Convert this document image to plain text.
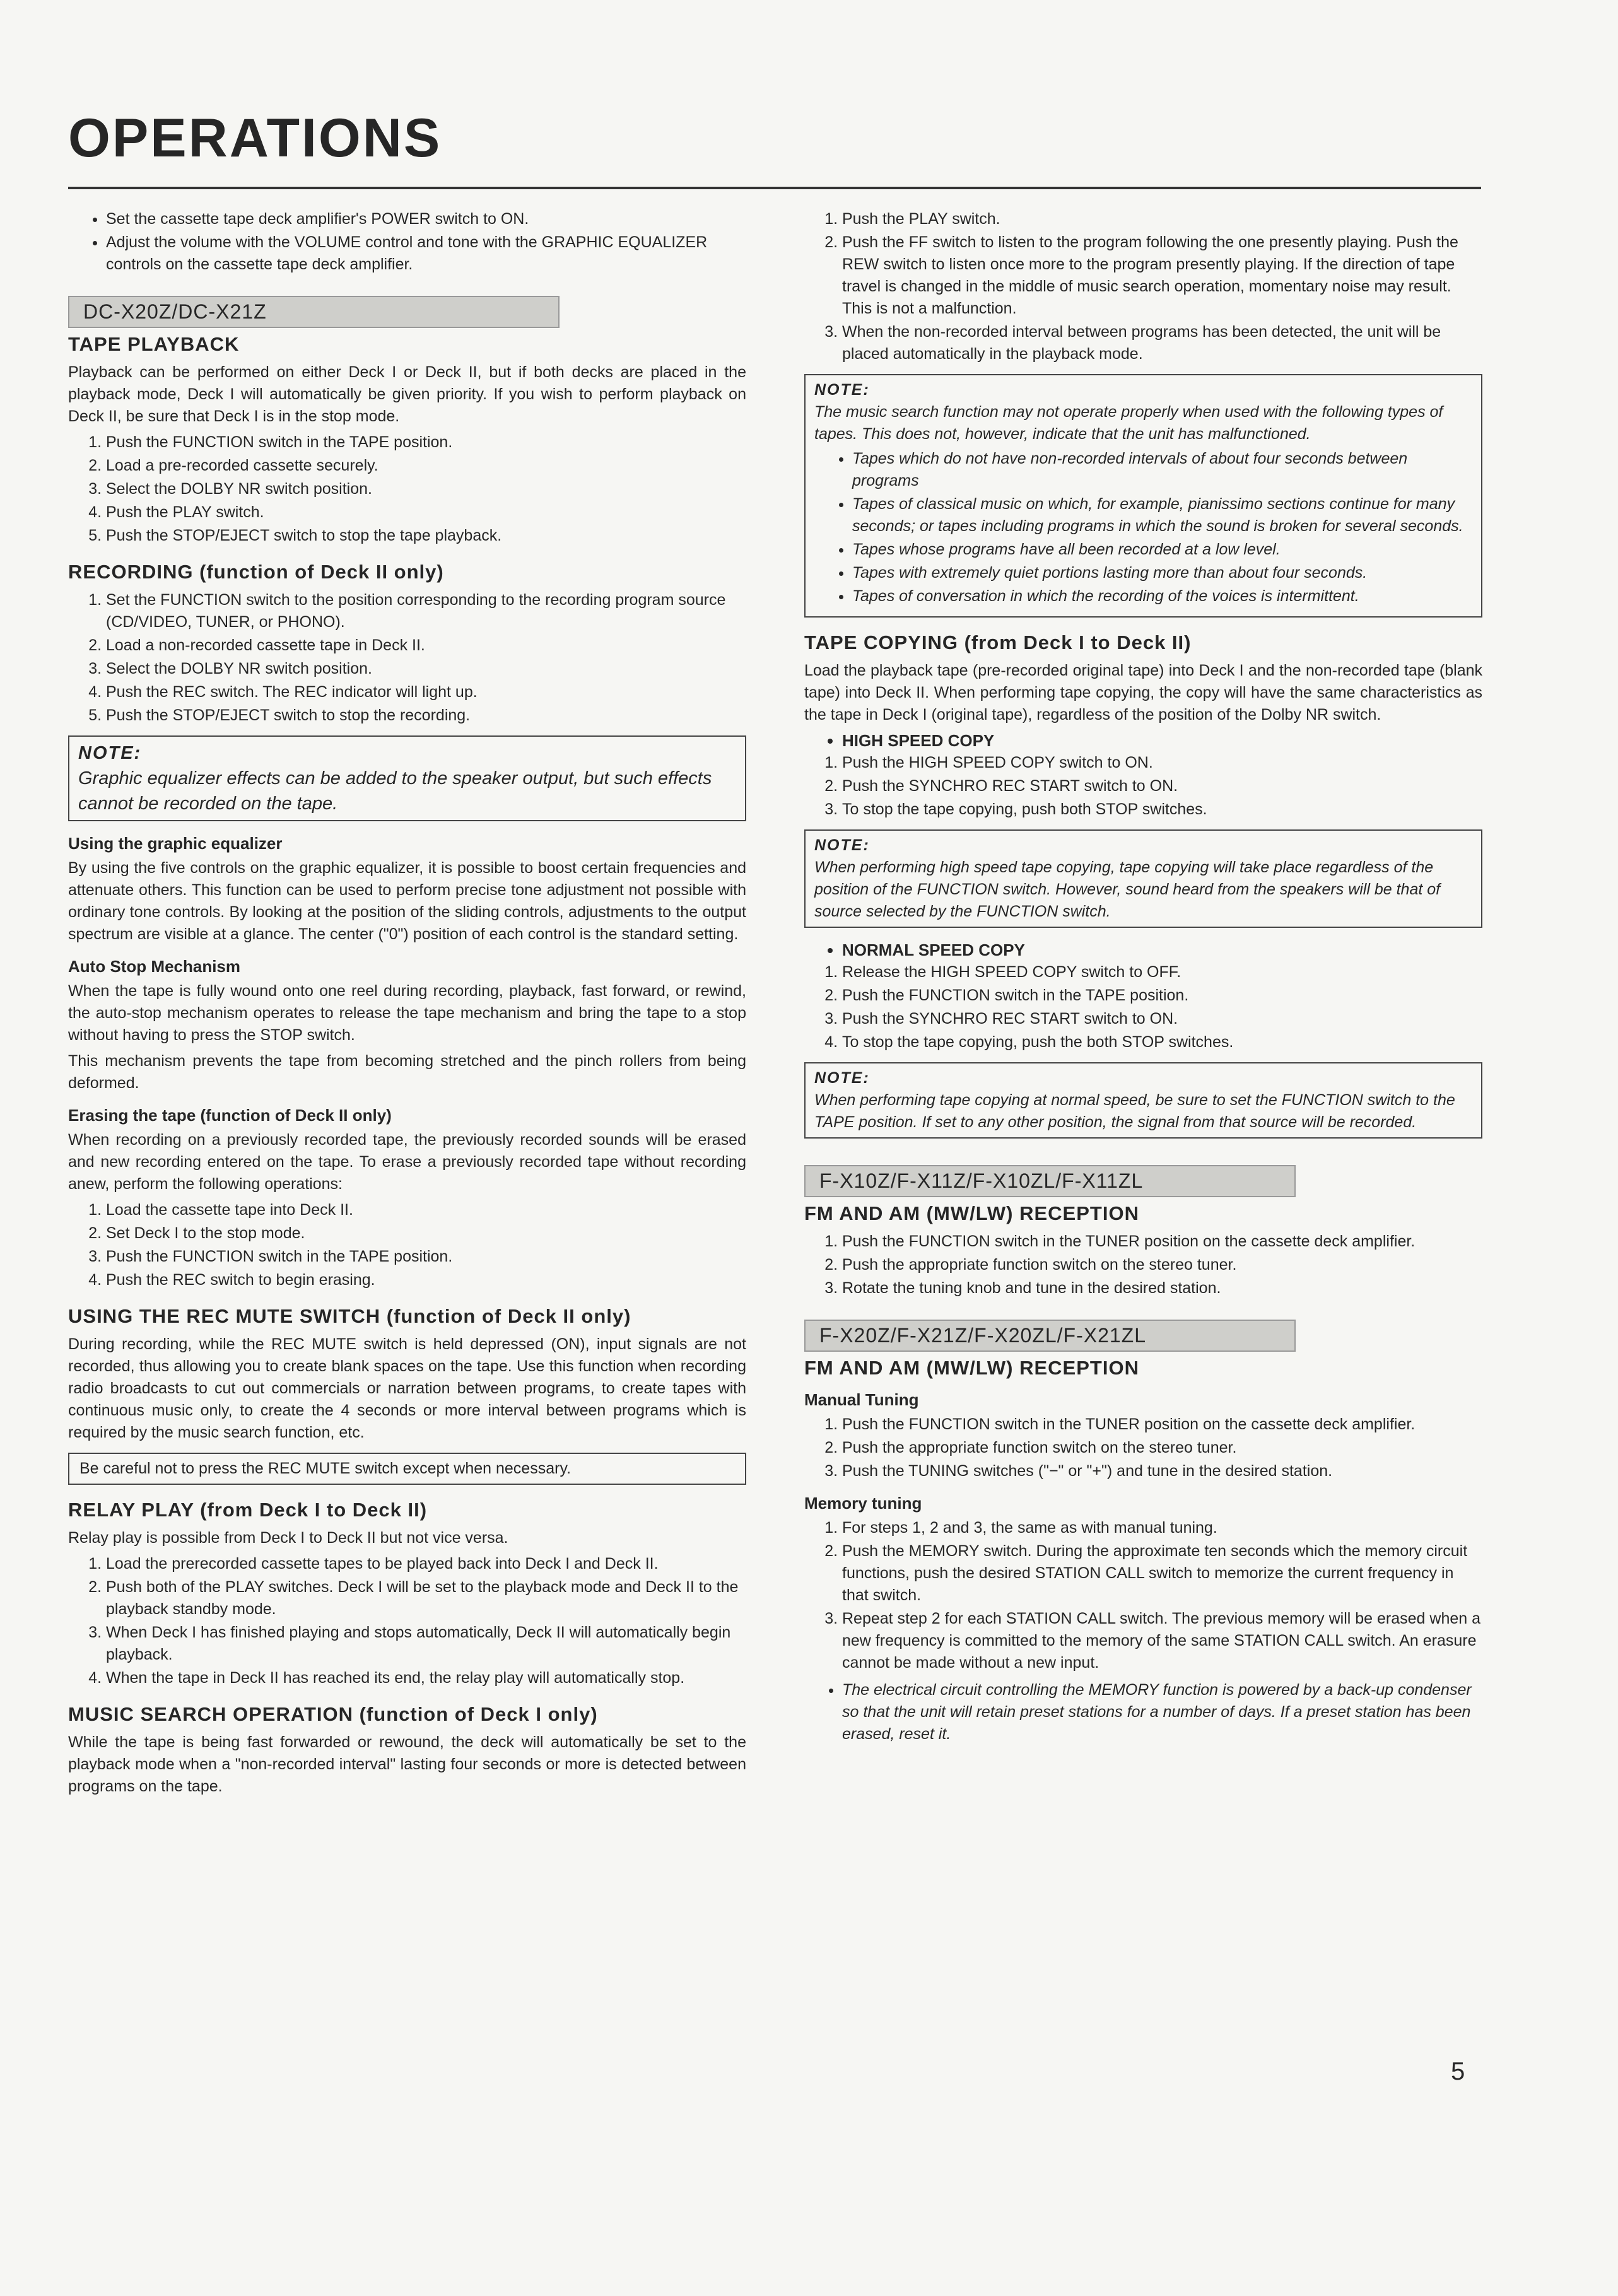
OPERATIONS
• Set the cassette tape deck amplifier's POWER switch to ON.
• Adjust the volume with the VOLUME control and tone with the GRAPHIC EQUALIZER controls on the cassette tape deck amplifier.
DC-X20Z/DC-X21Z
TAPE PLAYBACK

Playback can be performed on either Deck I or Deck II, but if both decks are placed in the playback mode, Deck I will automatically be given priority. If you wish to perform playback on Deck II, be sure that Deck I is in the stop mode.

1. Push the FUNCTION switch in the TAPE position.
2. Load a pre-recorded cassette securely.
3. Select the DOLBY NR switch position.
4. Push the PLAY switch.
5. Push the STOP/EJECT switch to stop the tape playback.
RECORDING (function of Deck II only)
1. Set the FUNCTION switch to the position corresponding to the recording program source (CD/VIDEO, TUNER, or PHONO).
2. Load a non-recorded cassette tape in Deck II.
3. Select the DOLBY NR switch position.
4. Push the REC switch. The REC indicator will light up.
5. Push the STOP/EJECT switch to stop the recording.
NOTE:
Graphic equalizer effects can be added to the speaker output, but such effects cannot be recorded on the tape.
Using the graphic equalizer

By using the five controls on the graphic equalizer, it is possible to boost certain frequencies and attenuate others. This function can be used to perform precise tone adjustment not possible with ordinary tone controls. By looking at the position of the sliding controls, adjustments to the output spectrum are visible at a glance. The center ("0") position of each control is the standard setting.

Auto Stop Mechanism

When the tape is fully wound onto one reel during recording, playback, fast forward, or rewind, the auto-stop mechanism operates to release the tape mechanism and bring the tape to a stop without having to press the STOP switch.

This mechanism prevents the tape from becoming stretched and the pinch rollers from being deformed.

Erasing the tape (function of Deck II only)

When recording on a previously recorded tape, the previously recorded sounds will be erased and new recording entered on the tape. To erase a previously recorded tape without recording anew, perform the following operations:

1. Load the cassette tape into Deck II.
2. Set Deck I to the stop mode.
3. Push the FUNCTION switch in the TAPE position.
4. Push the REC switch to begin erasing.
USING THE REC MUTE SWITCH (function of Deck II only)

During recording, while the REC MUTE switch is held depressed (ON), input signals are not recorded, thus allowing you to create blank spaces on the tape. Use this function when recording radio broadcasts to cut out commercials or narration between programs, to create tapes with continuous music only, to create the 4 seconds or more interval between programs which is required by the music search function, etc.

Be careful not to press the REC MUTE switch except when necessary.
RELAY PLAY (from Deck I to Deck II)

Relay play is possible from Deck I to Deck II but not vice versa.

1. Load the prerecorded cassette tapes to be played back into Deck I and Deck II.
2. Push both of the PLAY switches. Deck I will be set to the playback mode and Deck II to the playback standby mode.
3. When Deck I has finished playing and stops automatically, Deck II will automatically begin playback.
4. When the tape in Deck II has reached its end, the relay play will automatically stop.
MUSIC SEARCH OPERATION (function of Deck I only)

While the tape is being fast forwarded or rewound, the deck will automatically be set to the playback mode when a "non-recorded interval" lasting four seconds or more is detected between programs on the tape.

1. Push the PLAY switch.
2. Push the FF switch to listen to the program following the one presently playing. Push the REW switch to listen once more to the program presently playing. If the direction of tape travel is changed in the middle of music search operation, momentary noise may result. This is not a malfunction.
3. When the non-recorded interval between programs has been detected, the unit will be placed automatically in the playback mode.
NOTE:
The music search function may not operate properly when used with the following types of tapes. This does not, however, indicate that the unit has malfunctioned.
• Tapes which do not have non-recorded intervals of about four seconds between programs
• Tapes of classical music on which, for example, pianissimo sections continue for many seconds; or tapes including programs in which the sound is broken for several seconds.
• Tapes whose programs have all been recorded at a low level.
• Tapes with extremely quiet portions lasting more than about four seconds.
• Tapes of conversation in which the recording of the voices is intermittent.
TAPE COPYING (from Deck I to Deck II)

Load the playback tape (pre-recorded original tape) into Deck I and the non-recorded tape (blank tape) into Deck II. When performing tape copying, the copy will have the same characteristics as the tape in Deck I (original tape), regardless of the position of the Dolby NR switch.

• HIGH SPEED COPY
1. Push the HIGH SPEED COPY switch to ON.
2. Push the SYNCHRO REC START switch to ON.
3. To stop the tape copying, push both STOP switches.
NOTE:
When performing high speed tape copying, tape copying will take place regardless of the position of the FUNCTION switch. However, sound heard from the speakers will be that of source selected by the FUNCTION switch.
• NORMAL SPEED COPY
1. Release the HIGH SPEED COPY switch to OFF.
2. Push the FUNCTION switch in the TAPE position.
3. Push the SYNCHRO REC START switch to ON.
4. To stop the tape copying, push the both STOP switches.
NOTE:
When performing tape copying at normal speed, be sure to set the FUNCTION switch to the TAPE position. If set to any other position, the signal from that source will be recorded.
F-X10Z/F-X11Z/F-X10ZL/F-X11ZL
FM AND AM (MW/LW) RECEPTION
1. Push the FUNCTION switch in the TUNER position on the cassette deck amplifier.
2. Push the appropriate function switch on the stereo tuner.
3. Rotate the tuning knob and tune in the desired station.
F-X20Z/F-X21Z/F-X20ZL/F-X21ZL
FM AND AM (MW/LW) RECEPTION
Manual Tuning
1. Push the FUNCTION switch in the TUNER position on the cassette deck amplifier.
2. Push the appropriate function switch on the stereo tuner.
3. Push the TUNING switches ("−" or "+") and tune in the desired station.
Memory tuning
1. For steps 1, 2 and 3, the same as with manual tuning.
2. Push the MEMORY switch. During the approximate ten seconds which the memory circuit functions, push the desired STATION CALL switch to memorize the current frequency in that switch.
3. Repeat step 2 for each STATION CALL switch. The previous memory will be erased when a new frequency is committed to the memory of the same STATION CALL switch. An erasure cannot be made without a new input.
• The electrical circuit controlling the MEMORY function is powered by a back-up condenser so that the unit will retain preset stations for a number of days. If a preset station has been erased, reset it.
5
